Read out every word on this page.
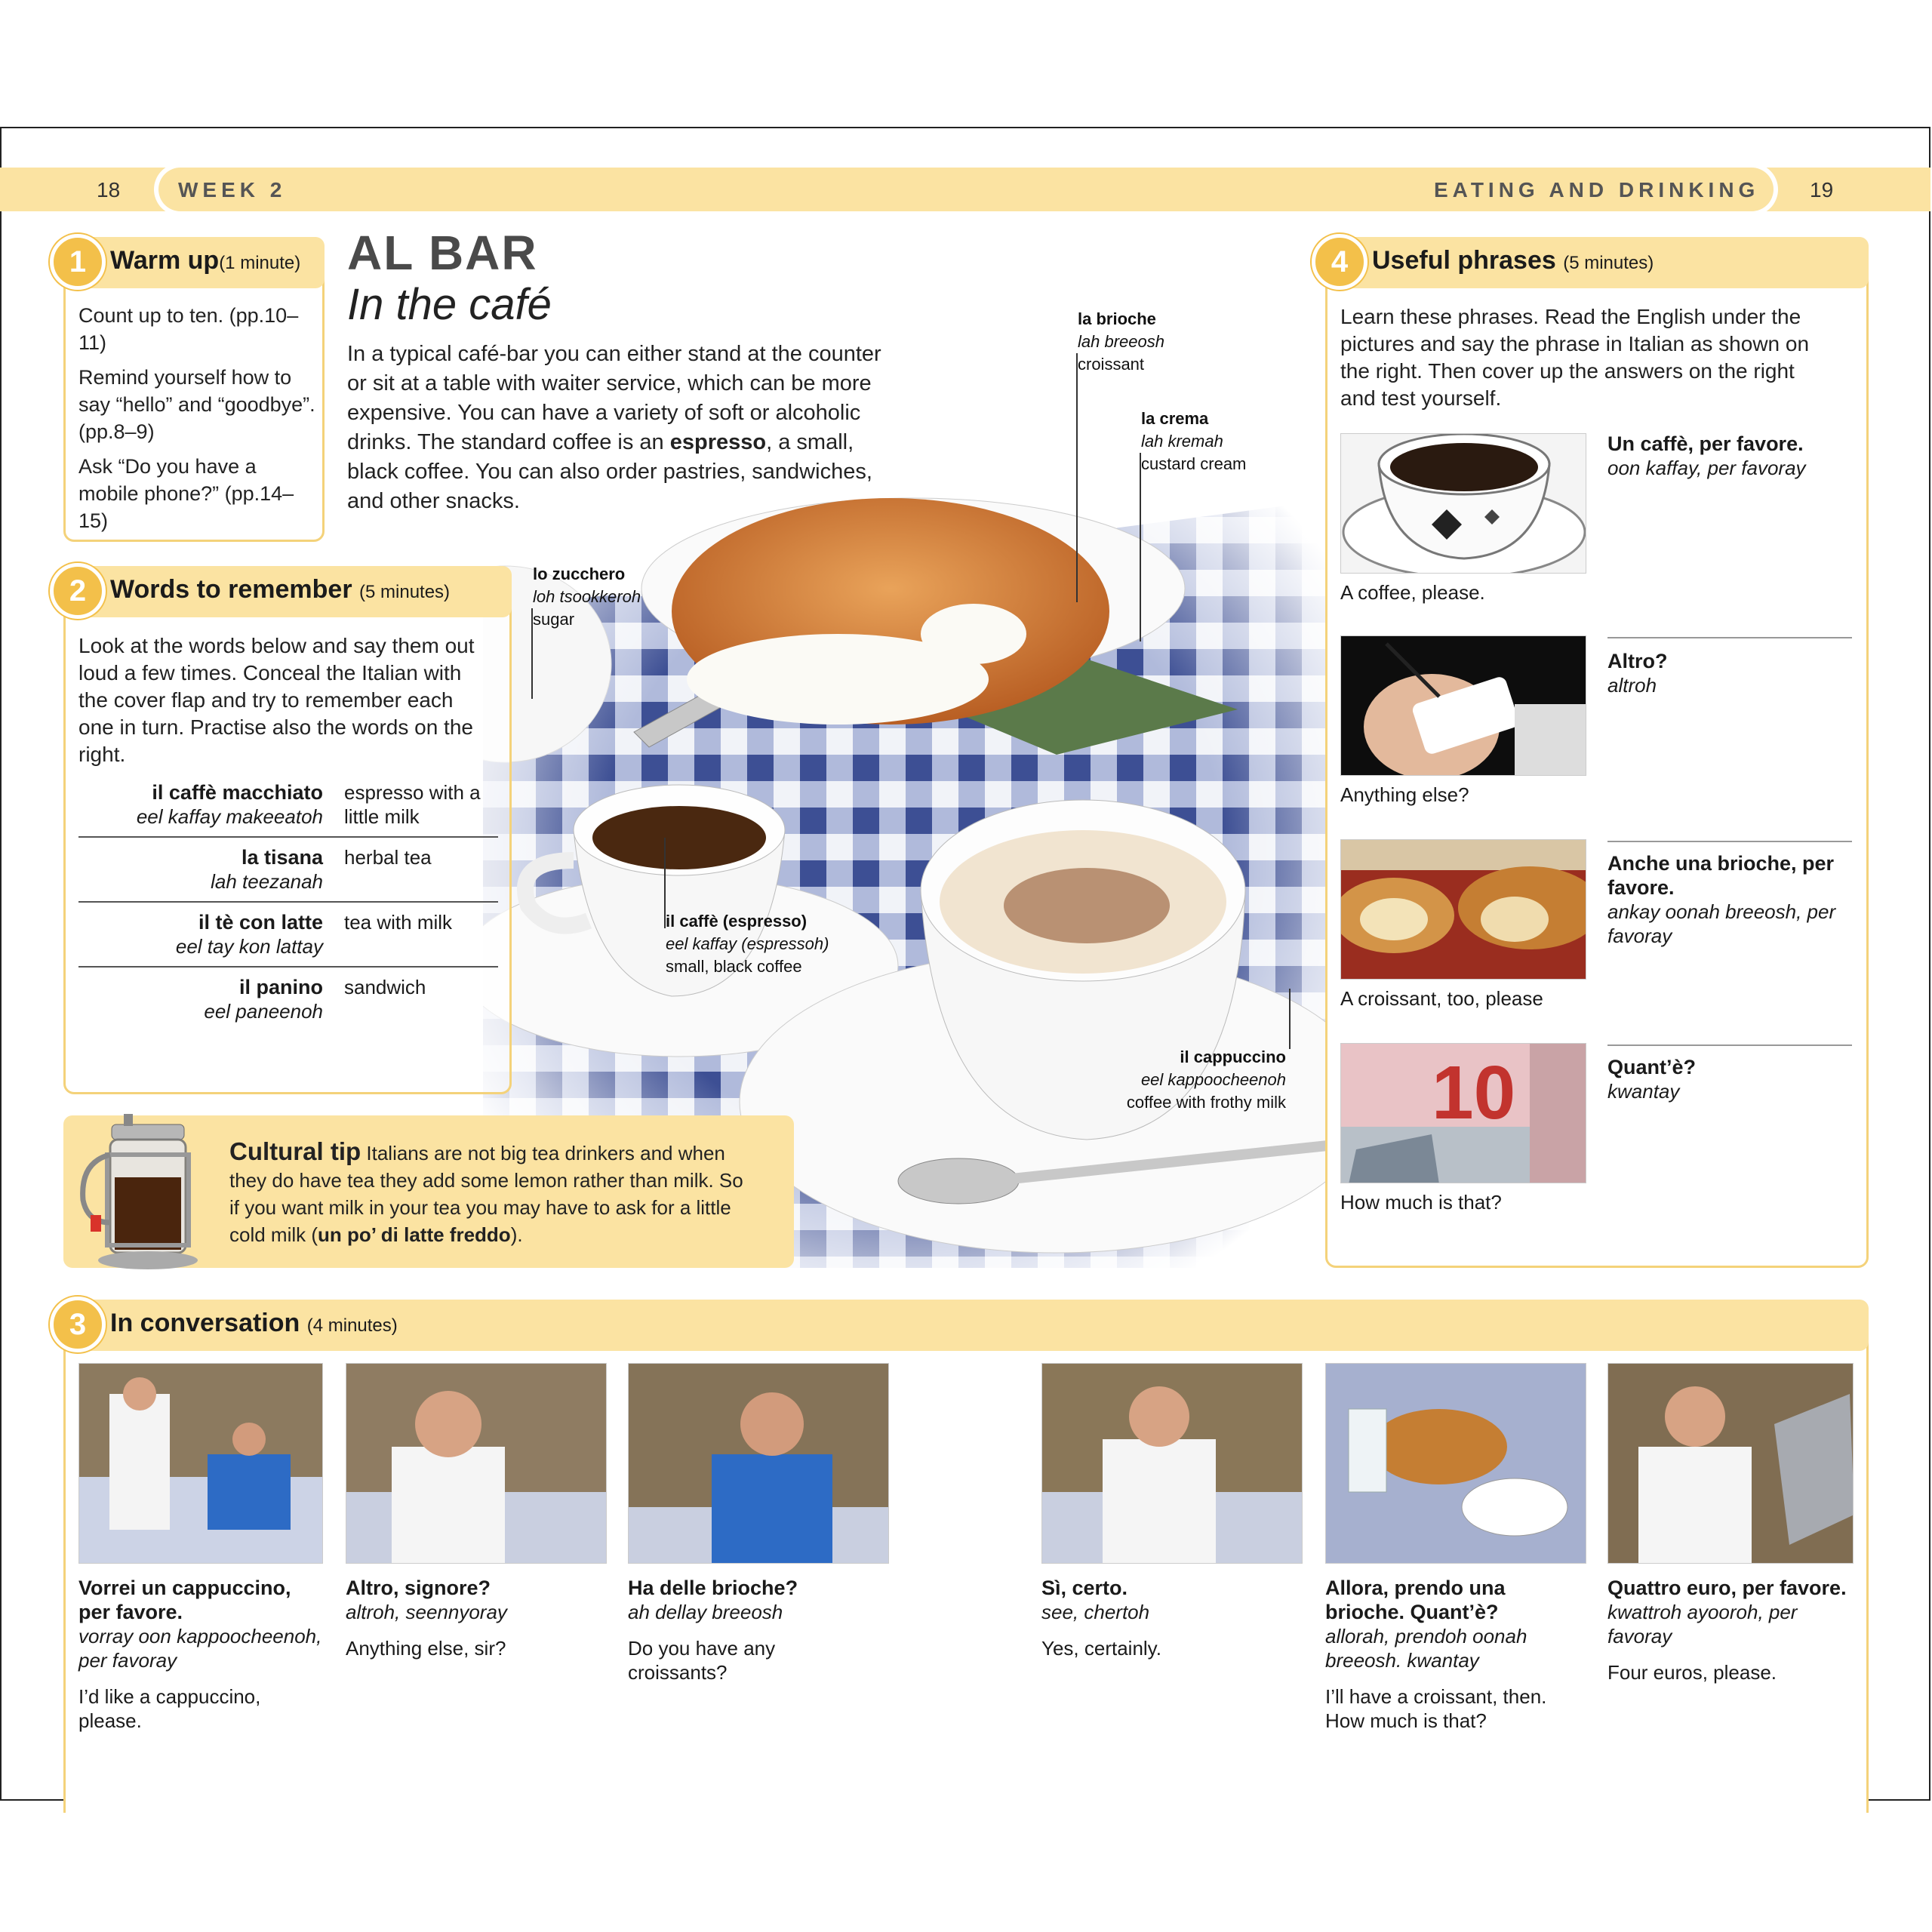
18	WEEK 2	EATING AND DRINKING 19
la brioche
lah breeosh
croissant
la crema
lah kremah
custard cream
lo zucchero
loh tsookkeroh
sugar
il caffè (espresso)
eel kaffay (espressoh)
small, black coffee
il cappuccino
eel kappoocheenoh
coffee with frothy milk
AL BAR
In the café
In a typical café-bar you can either stand at the counter or sit at a table with waiter service, which can be more expensive. You can have a variety of soft or alcoholic drinks. The standard coffee is an espresso, a small, black coffee. You can also order pastries, sandwiches, and other snacks.
1 Warm up(1 minute)
Count up to ten. (pp.10–11)
Remind yourself how to say “hello” and “goodbye”. (pp.8–9)
Ask “Do you have a mobile phone?” (pp.14–15)
2 Words to remember (5 minutes)
Look at the words below and say them out loud a few times. Conceal the Italian with the cover flap and try to remember each one in turn. Practise also the words on the right.
il caffè macchiato
eel kaffay makeeatoh
espresso with a little milk
la tisana
lah teezanah
herbal tea
il tè con latte
eel tay kon lattay
tea with milk
il panino
eel paneenoh
sandwich
Cultural tip Italians are not big tea drinkers and when they do have tea they add some lemon rather than milk. So if you want milk in your tea you may have to ask for a little cold milk (un po’ di latte freddo).
4 Useful phrases (5 minutes)
Learn these phrases. Read the English under the pictures and say the phrase in Italian as shown on the right. Then cover up the answers on the right and test yourself.
A coffee, please.
Un caffè, per favore.
oon kaffay, per favoray
Anything else?
Altro?
altroh
A croissant, too, please
Anche una brioche, per favore.
ankay oonah breeosh, per favoray
10
How much is that?
Quant’è?
kwantay
3 In conversation (4 minutes)
Vorrei un cappuccino, per favore.
vorray oon kappoocheenoh, per favoray
I’d like a cappuccino, please.
Altro, signore?
altroh, seennyoray
Anything else, sir?
Ha delle brioche?
ah dellay breeosh
Do you have any croissants?
Sì, certo.
see, chertoh
Yes, certainly.
Allora, prendo una brioche. Quant’è?
allorah, prendoh oonah breeosh. kwantay
I’ll have a croissant, then. How much is that?
Quattro euro, per favore.
kwattroh ayooroh, per favoray
Four euros, please.
